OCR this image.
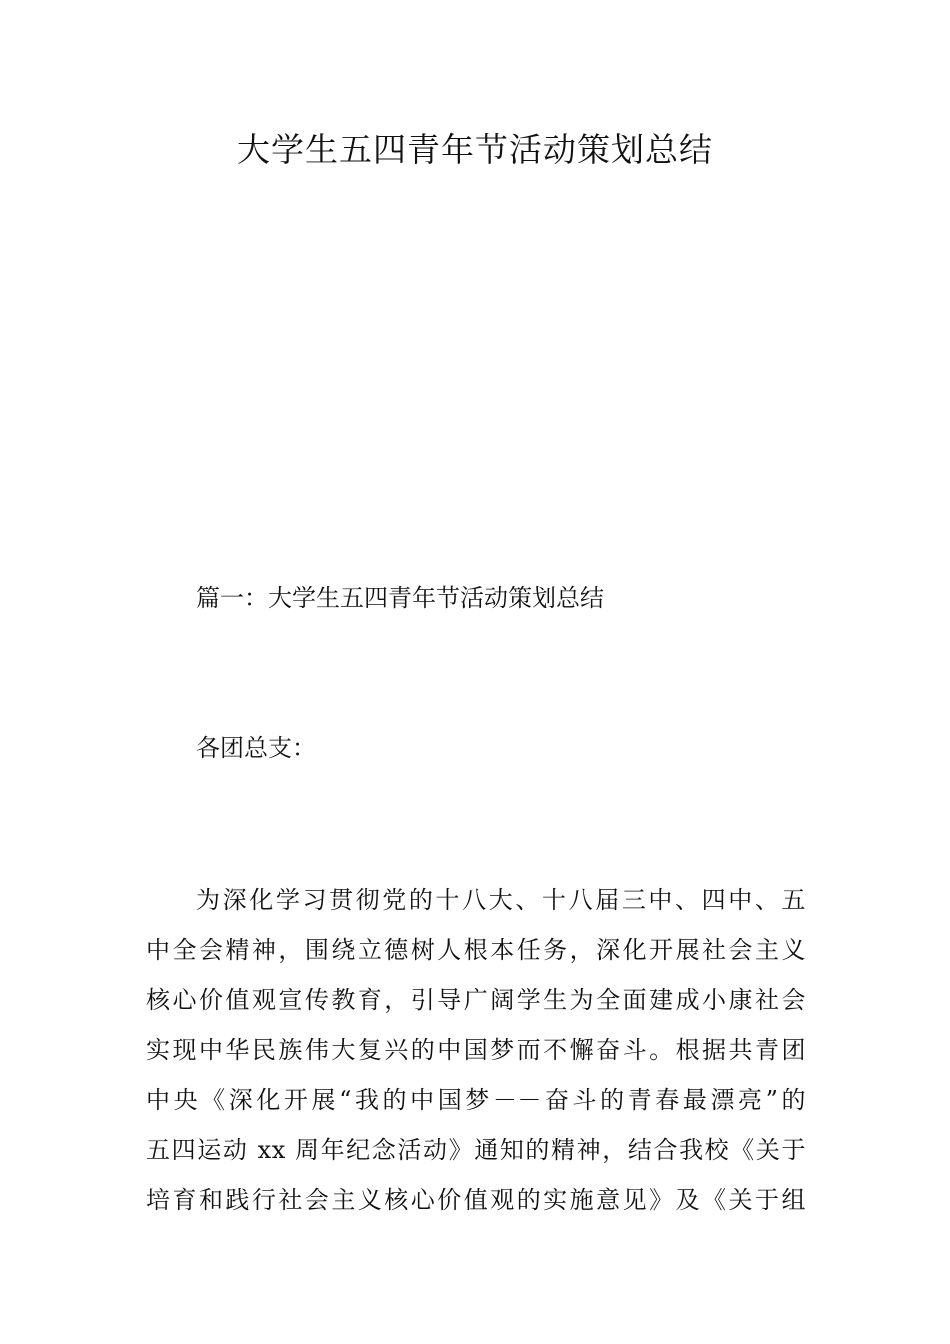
大学生五四青年节活动策划总结
篇一：大学生五四青年节活动策划总结

各团总支：

为深化学习贯彻党的十八大、十八届三中、四中、五
中全会精神，围绕立德树人根本任务，深化开展社会主义
核心价值观宣传教育，引导广阔学生为全面建成小康社会
实现中华民族伟大复兴的中国梦而不懈奋斗。根据共青团
中央《深化开展“我的中国梦－－奋斗的青春最漂亮”的
五四运动 xx 周年纪念活动》通知的精神，结合我校《关于
培育和践行社会主义核心价值观的实施意见》及《关于组
